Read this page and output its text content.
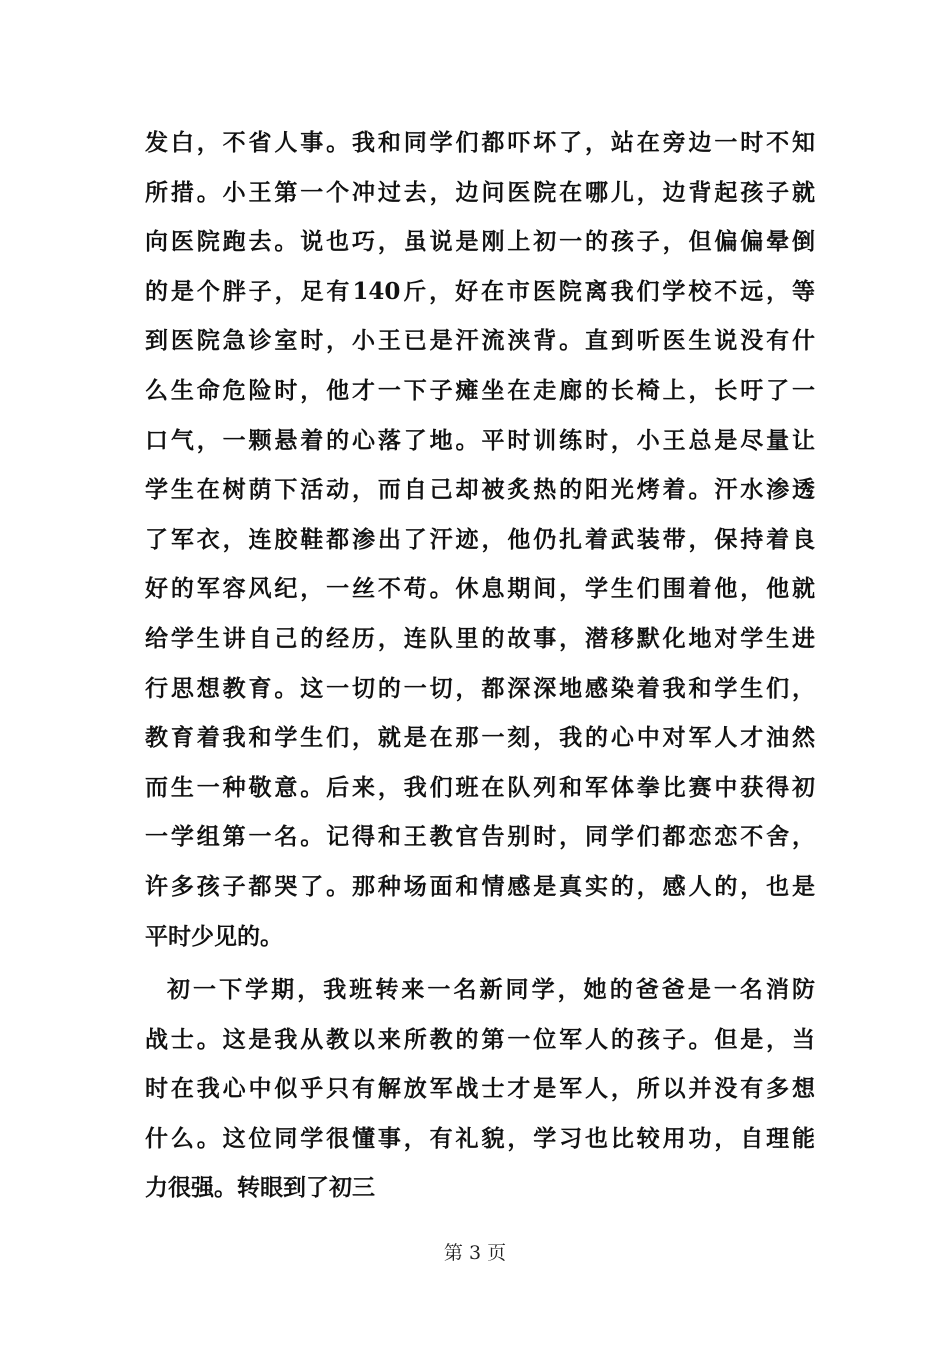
发白，不省人事。我和同学们都吓坏了，站在旁边一时不知
所措。小王第一个冲过去，边问医院在哪儿，边背起孩子就
向医院跑去。说也巧，虽说是刚上初一的孩子，但偏偏晕倒
的是个胖子，足有140斤，好在市医院离我们学校不远，等
到医院急诊室时，小王已是汗流浃背。直到听医生说没有什
么生命危险时，他才一下子瘫坐在走廊的长椅上，长吁了一
口气，一颗悬着的心落了地。平时训练时，小王总是尽量让
学生在树荫下活动，而自己却被炙热的阳光烤着。汗水渗透
了军衣，连胶鞋都渗出了汗迹，他仍扎着武装带，保持着良
好的军容风纪，一丝不苟。休息期间，学生们围着他，他就
给学生讲自己的经历，连队里的故事，潜移默化地对学生进
行思想教育。这一切的一切，都深深地感染着我和学生们，
教育着我和学生们，就是在那一刻，我的心中对军人才油然
而生一种敬意。后来，我们班在队列和军体拳比赛中获得初
一学组第一名。记得和王教官告别时，同学们都恋恋不舍，
许多孩子都哭了。那种场面和情感是真实的，感人的，也是
平时少见的。
初一下学期，我班转来一名新同学，她的爸爸是一名消防
战士。这是我从教以来所教的第一位军人的孩子。但是，当
时在我心中似乎只有解放军战士才是军人，所以并没有多想
什么。这位同学很懂事，有礼貌，学习也比较用功，自理能
力很强。转眼到了初三
第 3 页
